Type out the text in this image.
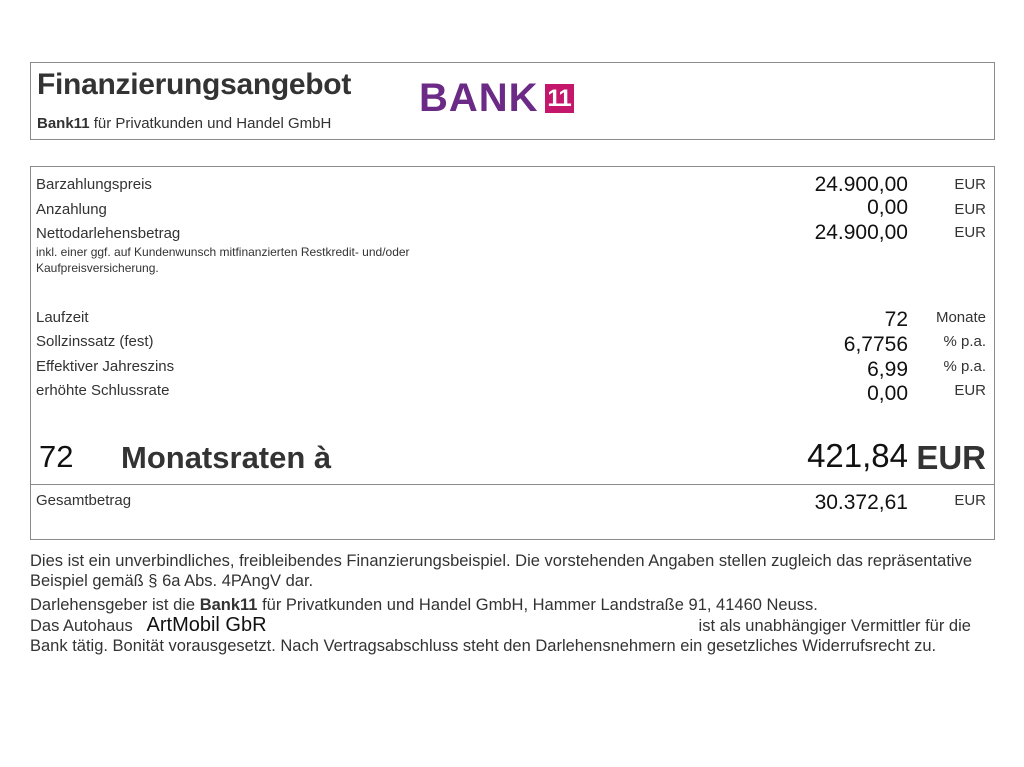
Finanzierungsangebot
Bank11 für Privatkunden und Handel GmbH
BANK 11
Barzahlungspreis	24.900,00	EUR
Anzahlung	0,00	EUR
Nettodarlehensbetrag	24.900,00	EUR
inkl. einer ggf. auf Kundenwunsch mitfinanzierten Restkredit- und/oder Kaufpreisversicherung.
Laufzeit	72 Monate
Sollzinssatz (fest)	6,7756 % p.a.
Effektiver Jahreszins	6,99 % p.a.
erhöhte Schlussrate	0,00	EUR
72 Monatsraten à	421,84 EUR
Gesamtbetrag	30.372,61	EUR

Dies ist ein unverbindliches, freibleibendes Finanzierungsbeispiel. Die vorstehenden Angaben stellen zugleich das repräsentative Beispiel gemäß § 6a Abs. 4PAngV dar.

Darlehensgeber ist die Bank11 für Privatkunden und Handel GmbH, Hammer Landstraße 91, 41460 Neuss.

Das Autohaus ArtMobil GbR	ist als unabhängiger Vermittler für die

Bank tätig. Bonität vorausgesetzt. Nach Vertragsabschluss steht den Darlehensnehmern ein gesetzliches Widerrufsrecht zu.
